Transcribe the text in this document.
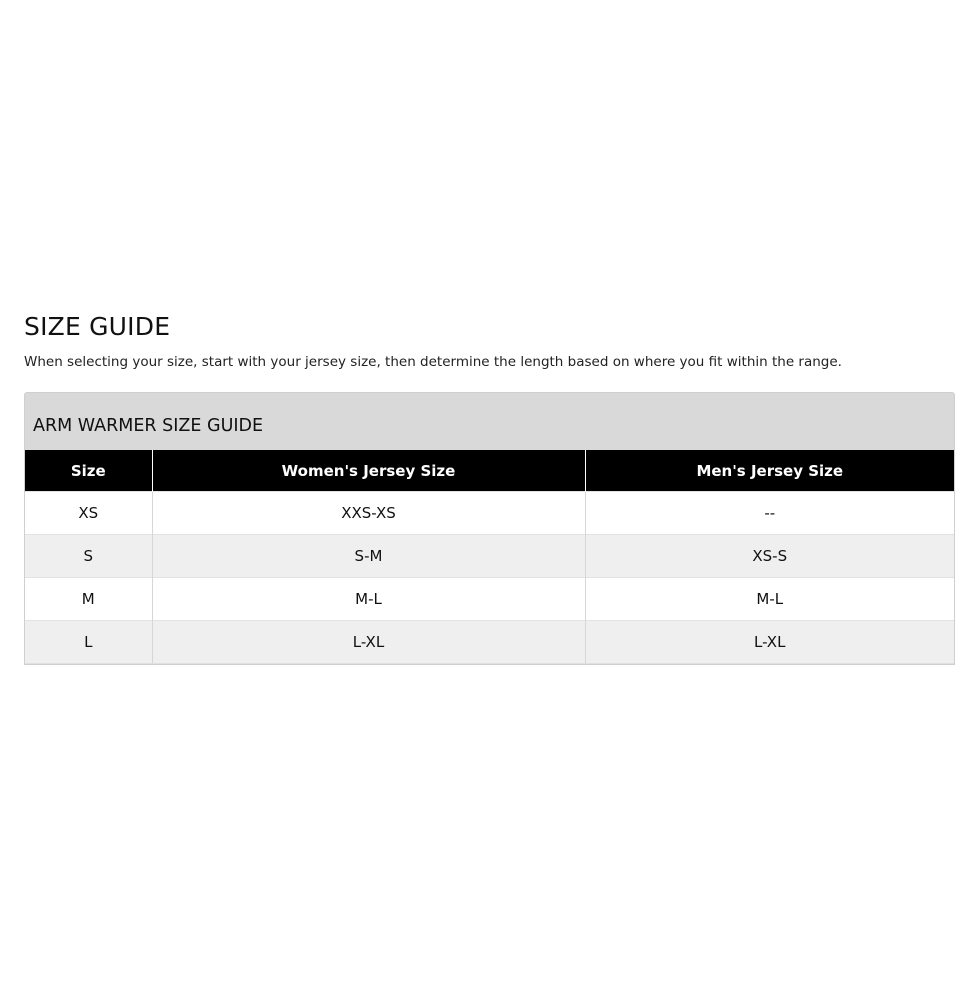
SIZE GUIDE

When selecting your size, start with your jersey size, then determine the length based on where you fit within the range.

ARM WARMER SIZE GUIDE
Size	Women's Jersey Size	Men's Jersey Size
XS	XXS-XS	--
S	S-M	XS-S
M	M-L	M-L
L	L-XL	L-XL
